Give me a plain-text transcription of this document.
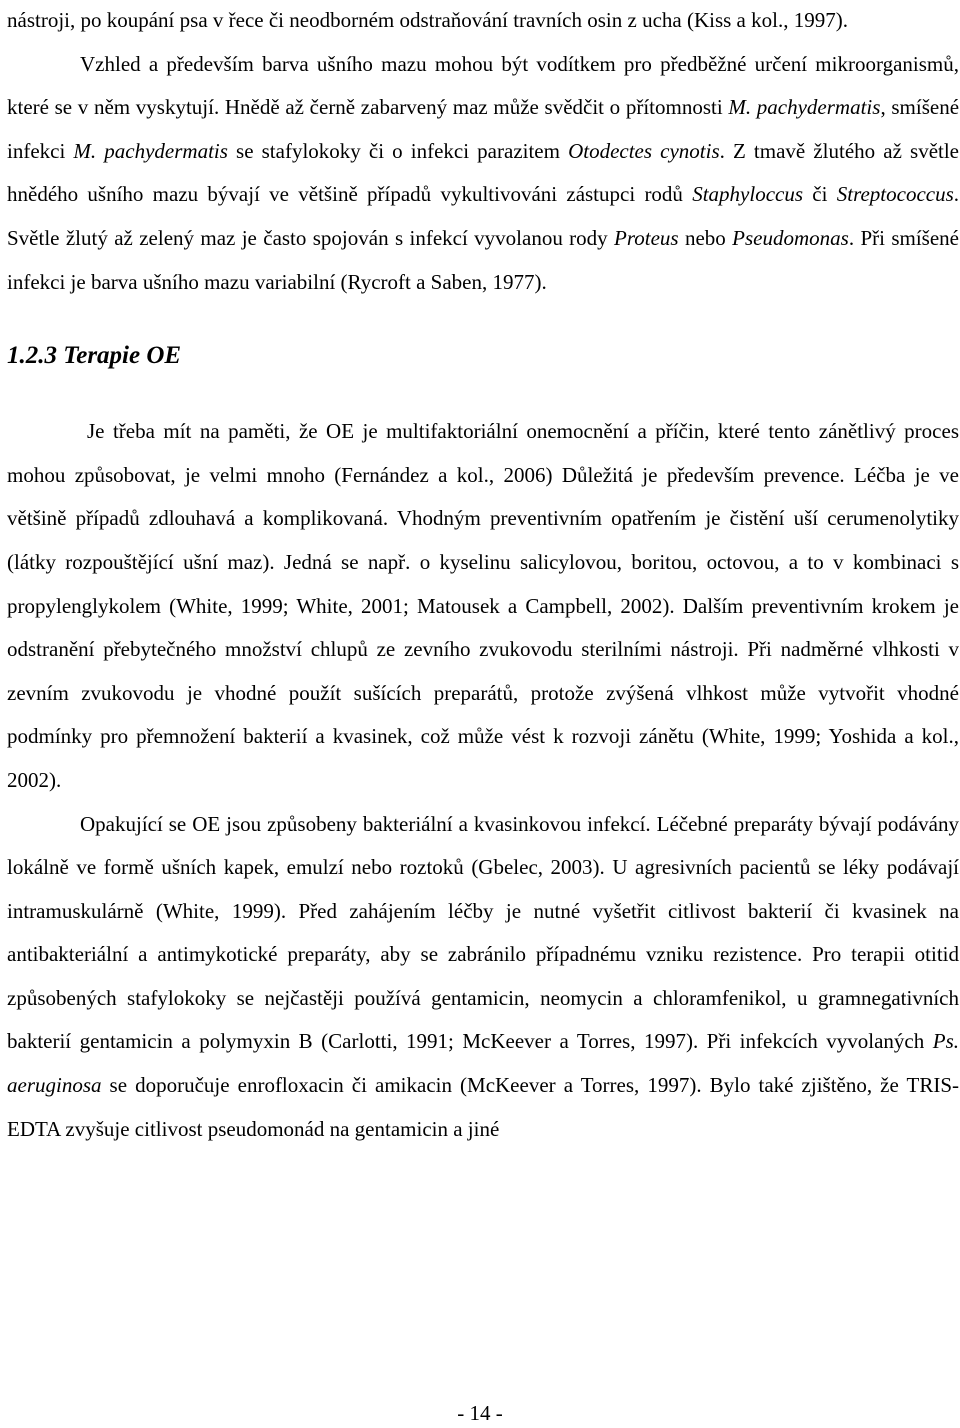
nástroji, po koupání psa v řece či neodborném odstraňování travních osin z ucha (Kiss a kol., 1997).

Vzhled a především barva ušního mazu mohou být vodítkem pro předběžné určení mikroorganismů, které se v něm vyskytují. Hnědě až černě zabarvený maz může svědčit o přítomnosti M. pachydermatis, smíšené infekci M. pachydermatis se stafylokoky či o infekci parazitem Otodectes cynotis. Z tmavě žlutého až světle hnědého ušního mazu bývají ve většině případů vykultivováni zástupci rodů Staphyloccus či Streptococcus. Světle žlutý až zelený maz je často spojován s infekcí vyvolanou rody Proteus nebo Pseudomonas. Při smíšené infekci je barva ušního mazu variabilní (Rycroft a Saben, 1977).

1.2.3 Terapie OE

Je třeba mít na paměti, že OE je multifaktoriální onemocnění a příčin, které tento zánětlivý proces mohou způsobovat, je velmi mnoho (Fernández a kol., 2006) Důležitá je především prevence. Léčba je ve většině případů zdlouhavá a komplikovaná. Vhodným preventivním opatřením je čistění uší cerumenolytiky (látky rozpouštějící ušní maz). Jedná se např. o kyselinu salicylovou, boritou, octovou, a to v kombinaci s propylenglykolem (White, 1999; White, 2001; Matousek a Campbell, 2002). Dalším preventivním krokem je odstranění přebytečného množství chlupů ze zevního zvukovodu sterilními nástroji. Při nadměrné vlhkosti v zevním zvukovodu je vhodné použít sušících preparátů, protože zvýšená vlhkost může vytvořit vhodné podmínky pro přemnožení bakterií a kvasinek, což může vést k rozvoji zánětu (White, 1999; Yoshida a kol., 2002).

Opakující se OE jsou způsobeny bakteriální a kvasinkovou infekcí. Léčebné preparáty bývají podávány lokálně ve formě ušních kapek, emulzí nebo roztoků (Gbelec, 2003). U agresivních pacientů se léky podávají intramuskulárně (White, 1999). Před zahájením léčby je nutné vyšetřit citlivost bakterií či kvasinek na antibakteriální a antimykotické preparáty, aby se zabránilo případnému vzniku rezistence. Pro terapii otitid způsobených stafylokoky se nejčastěji používá gentamicin, neomycin a chloramfenikol, u gramnegativních bakterií gentamicin a polymyxin B (Carlotti, 1991; McKeever a Torres, 1997). Při infekcích vyvolaných Ps. aeruginosa se doporučuje enrofloxacin či amikacin (McKeever a Torres, 1997). Bylo také zjištěno, že TRIS-EDTA zvyšuje citlivost pseudomonád na gentamicin a jiné

- 14 -
